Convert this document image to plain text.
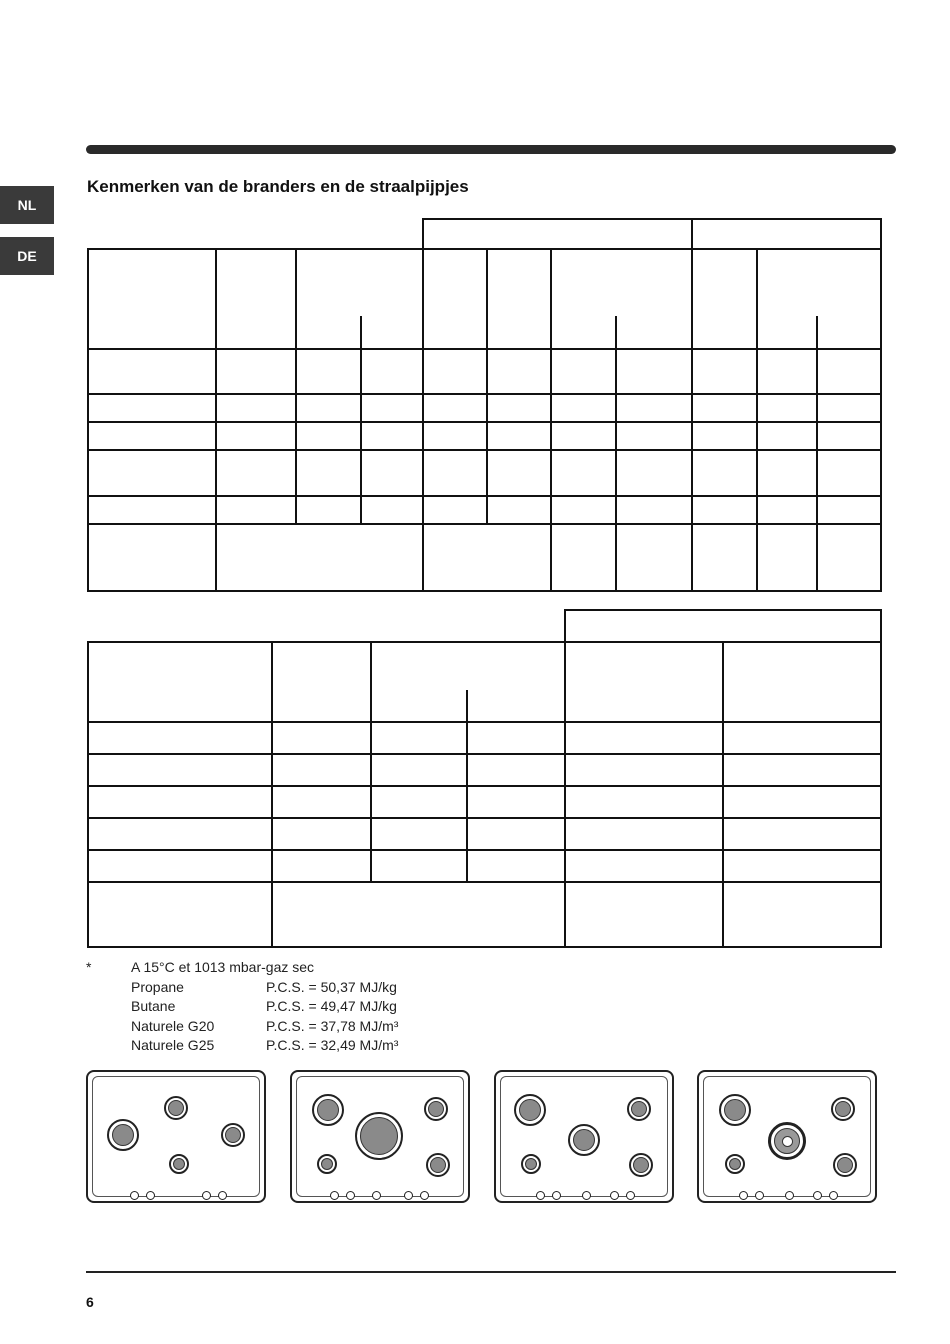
NL
DE
Kenmerken van de branders en de straalpijpjes
*	A 15°C et 1013 mbar-gaz sec
Propane	P.C.S. = 50,37 MJ/kg
Butane	P.C.S. = 49,47 MJ/kg
Naturele G20	P.C.S. = 37,78 MJ/m³
Naturele G25	P.C.S. = 32,49 MJ/m³
6
